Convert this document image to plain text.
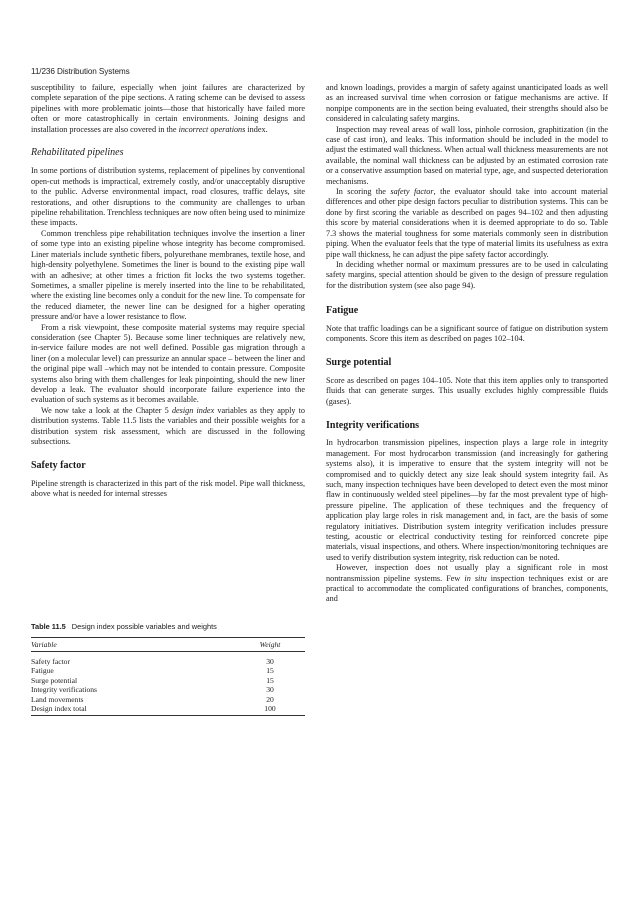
11/236 Distribution Systems

susceptibility to failure, especially when joint failures are characterized by complete separation of the pipe sections. A rating scheme can be devised to assess pipelines with more problematic joints—those that historically have failed more often or more catastrophically in certain environments. Joining designs and installation processes are also covered in the incorrect operations index.

Rehabilitated pipelines

In some portions of distribution systems, replacement of pipelines by conventional open-cut methods is impractical, extremely costly, and/or unacceptably disruptive to the public. Adverse environmental impact, road closures, traffic delays, site restorations, and other disruptions to the community are challenges to urban pipeline rehabilitation. Trenchless techniques are now often being used to minimize these impacts.

Common trenchless pipe rehabilitation techniques involve the insertion a liner of some type into an existing pipeline whose integrity has become compromised. Liner materials include synthetic fibers, polyurethane membranes, textile hose, and high-density polyethylene. Sometimes the liner is bound to the existing pipe wall with an adhesive; at other times a friction fit locks the two systems together. Sometimes, a smaller pipeline is merely inserted into the line to be rehabilitated, where the existing line becomes only a conduit for the new line. To compensate for the reduced diameter, the newer line can be designed for a higher operating pressure and/or have a lower resistance to flow.

From a risk viewpoint, these composite material systems may require special consideration (see Chapter 5). Because some liner techniques are relatively new, in-service failure modes are not well defined. Possible gas migration through a liner (on a molecular level) can pressurize an annular space – between the liner and the original pipe wall –which may not be intended to contain pressure. Composite systems also bring with them challenges for leak pinpointing, should the new liner develop a leak. The evaluator should incorporate failure experience into the evaluation of such systems as it becomes available.

We now take a look at the Chapter 5 design index variables as they apply to distribution systems. Table 11.5 lists the variables and their possible weights for a distribution system risk assessment, which are discussed in the following subsections.

Safety factor

Pipeline strength is characterized in this part of the risk model. Pipe wall thickness, above what is needed for internal stresses

Table 11.5 Design index possible variables and weights
Variable	Weight
Safety factor	30
Fatigue	15
Surge potential	15
Integrity verifications	30
Land movements	20
Design index total	100

and known loadings, provides a margin of safety against unanticipated loads as well as an increased survival time when corrosion or fatigue mechanisms are active. If nonpipe components are in the section being evaluated, their strengths should also be considered in calculating safety margins.

Inspection may reveal areas of wall loss, pinhole corrosion, graphitization (in the case of cast iron), and leaks. This information should be included in the model to adjust the estimated wall thickness. When actual wall thickness measurements are not available, the nominal wall thickness can be adjusted by an estimated corrosion rate or a conservative assumption based on material type, age, and suspected deterioration mechanisms.

In scoring the safety factor, the evaluator should take into account material differences and other pipe design factors peculiar to distribution systems. This can be done by first scoring the variable as described on pages 94–102 and then adjusting this score by material considerations when it is deemed appropriate to do so. Table 7.3 shows the material toughness for some materials commonly seen in distribution piping. When the evaluator feels that the type of material limits its usefulness as extra pipe wall thickness, he can adjust the pipe safety factor accordingly.

In deciding whether normal or maximum pressures are to be used in calculating safety margins, special attention should be given to the design of pressure regulation for the distribution system (see also page 94).

Fatigue

Note that traffic loadings can be a significant source of fatigue on distribution system components. Score this item as described on pages 102–104.

Surge potential

Score as described on pages 104–105. Note that this item applies only to transported fluids that can generate surges. This usually excludes highly compressible fluids (gases).

Integrity verifications

In hydrocarbon transmission pipelines, inspection plays a large role in integrity management. For most hydrocarbon transmission (and increasingly for gathering systems also), it is imperative to ensure that the system integrity will not be compromised and to quickly detect any size leak should system integrity fail. As such, many inspection techniques have been developed to detect even the most minor flaw in continuously welded steel pipelines—by far the most prevalent type of high-pressure pipeline. The application of these techniques and the frequency of application play large roles in risk management and, in fact, are the basis of some regulatory initiatives. Distribution system integrity verification includes pressure testing, acoustic or electrical conductivity testing for reinforced concrete pipe materials, visual inspections, and others. Where inspection/monitoring techniques are used to verify distribution system integrity, risk reduction can be noted.

However, inspection does not usually play a significant role in most nontransmission pipeline systems. Few in situ inspection techniques exist or are practical to accommodate the complicated configurations of branches, components, and
